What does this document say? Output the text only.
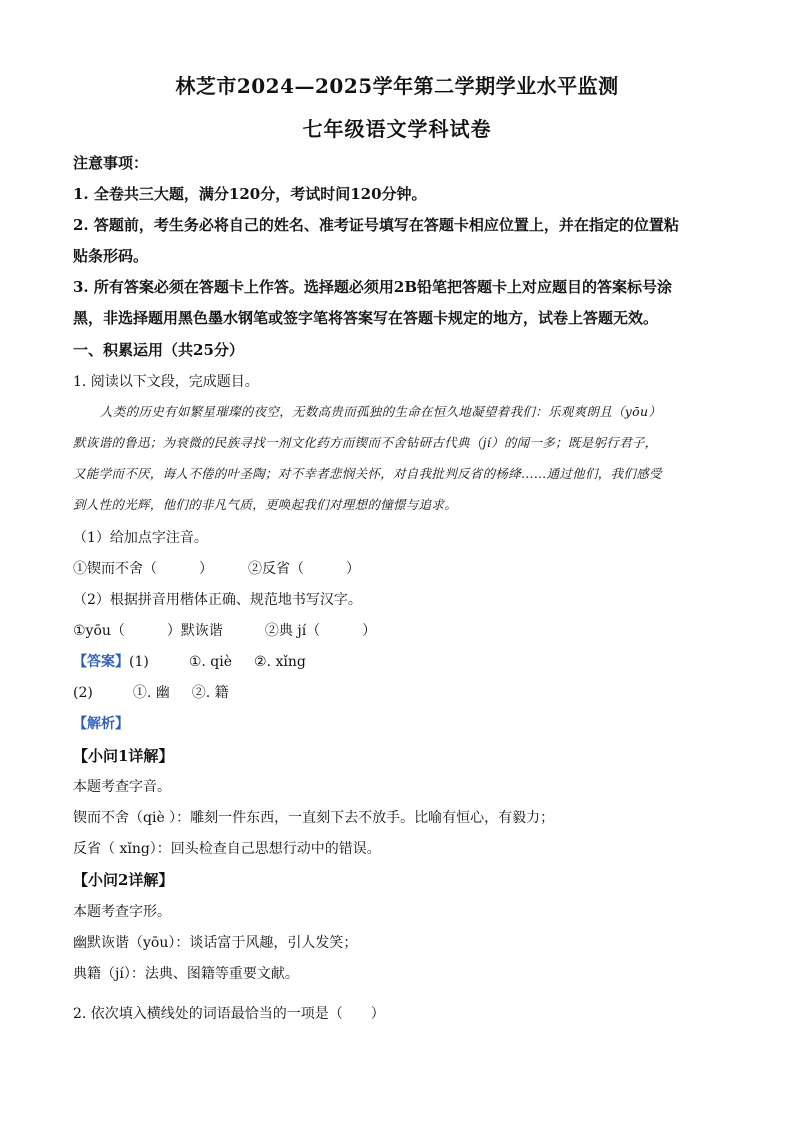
林芝市2024—2025学年第二学期学业水平监测
七年级语文学科试卷
注意事项：
1. 全卷共三大题，满分120分，考试时间120分钟。
2. 答题前，考生务必将自己的姓名、准考证号填写在答题卡相应位置上，并在指定的位置粘
贴条形码。
3. 所有答案必须在答题卡上作答。选择题必须用2B铅笔把答题卡上对应题目的答案标号涂
黑，非选择题用黑色墨水钢笔或签字笔将答案写在答题卡规定的地方，试卷上答题无效。
一、积累运用（共25分）
1. 阅读以下文段，完成题目。
人类的历史有如繁星璀璨的夜空，无数高贵而孤独的生命在恒久地凝望着我们：乐观爽朗且（yōu）
默诙谐的鲁迅；为衰微的民族寻找一剂文化药方而锲而不舍钻研古代典（jí）的闻一多；既是躬行君子，
又能学而不厌，诲人不倦的叶圣陶；对不幸者悲悯关怀，对自我批判反省的杨绛……通过他们，我们感受
到人性的光辉，他们的非凡气质，更唤起我们对理想的憧憬与追求。
（1）给加点字注音。
①锲而不舍（　　　）　　　②反省（　　　）
（2）根据拼音用楷体正确、规范地书写汉字。
①yōu（　　　）默诙谐　　　②典 jí（　　　）
【答案】(1)	①. qiè ②. xǐng
(2)	①. 幽 ②. 籍
【解析】
【小问1详解】
本题考查字音。
锲而不舍（qiè ）：雕刻一件东西，一直刻下去不放手。比喻有恒心，有毅力；
反省（ xǐng）：回头检查自己思想行动中的错误。
【小问2详解】
本题考查字形。
幽默诙谐（yōu）：谈话富于风趣，引人发笑；
典籍（jí）：法典、图籍等重要文献。
2. 依次填入横线处的词语最恰当的一项是（　　）
